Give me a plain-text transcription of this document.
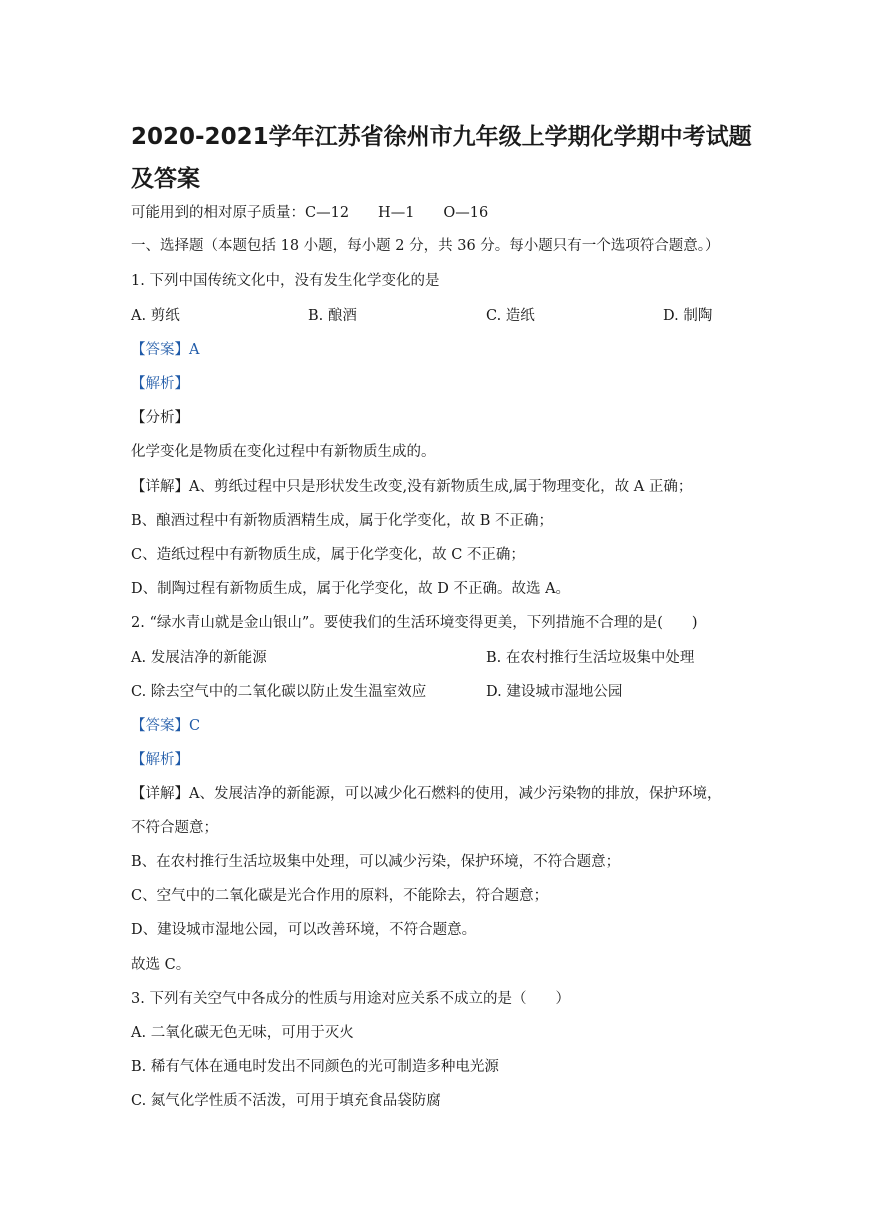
2020-2021学年江苏省徐州市九年级上学期化学期中考试题
及答案
可能用到的相对原子质量：C—12　　H—1　　O—16
一、选择题（本题包括 18 小题，每小题 2 分，共 36 分。每小题只有一个选项符合题意。）
1. 下列中国传统文化中，没有发生化学变化的是
A. 剪纸	B. 酿酒	C. 造纸	D. 制陶
【答案】A
【解析】
【分析】
化学变化是物质在变化过程中有新物质生成的。
【详解】A、剪纸过程中只是形状发生改变,没有新物质生成,属于物理变化，故 A 正确；
B、酿酒过程中有新物质酒精生成，属于化学变化，故 B 不正确；
C、造纸过程中有新物质生成，属于化学变化，故 C 不正确；
D、制陶过程有新物质生成，属于化学变化，故 D 不正确。故选 A。
2. “绿水青山就是金山银山”。要使我们的生活环境变得更美，下列措施不合理的是(　　)
A. 发展洁净的新能源	B. 在农村推行生活垃圾集中处理
C. 除去空气中的二氧化碳以防止发生温室效应	D. 建设城市湿地公园
【答案】C
【解析】
【详解】A、发展洁净的新能源，可以减少化石燃料的使用，减少污染物的排放，保护环境，
不符合题意；
B、在农村推行生活垃圾集中处理，可以减少污染，保护环境，不符合题意；
C、空气中的二氧化碳是光合作用的原料，不能除去，符合题意；
D、建设城市湿地公园，可以改善环境，不符合题意。
故选 C。
3. 下列有关空气中各成分的性质与用途对应关系不成立的是（　　）
A. 二氧化碳无色无味，可用于灭火
B. 稀有气体在通电时发出不同颜色的光可制造多种电光源
C. 氮气化学性质不活泼，可用于填充食品袋防腐
